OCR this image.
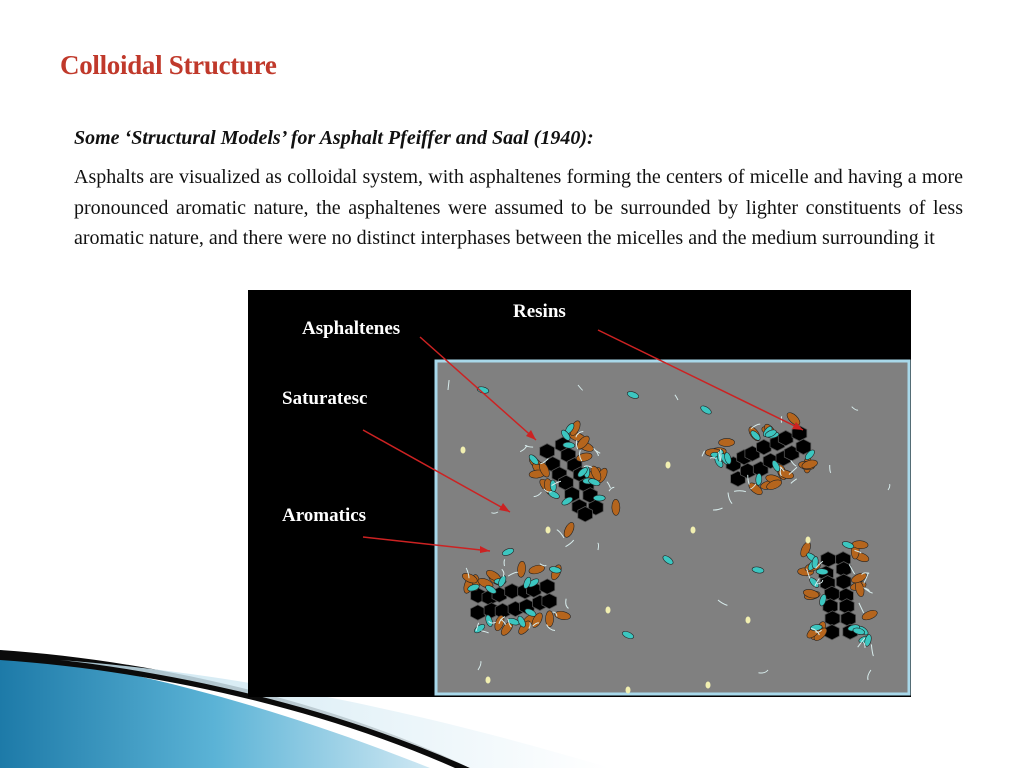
Colloidal Structure
Some ‘Structural Models’ for Asphalt Pfeiffer and Saal (1940):

Asphalts are visualized as colloidal system, with asphaltenes forming the centers of micelle and having a more pronounced aromatic nature, the asphaltenes were assumed to be surrounded by lighter constituents of less aromatic nature, and there were no distinct interphases between the micelles and the medium surrounding it

Asphaltenes
Resins
Saturatesc
Aromatics
